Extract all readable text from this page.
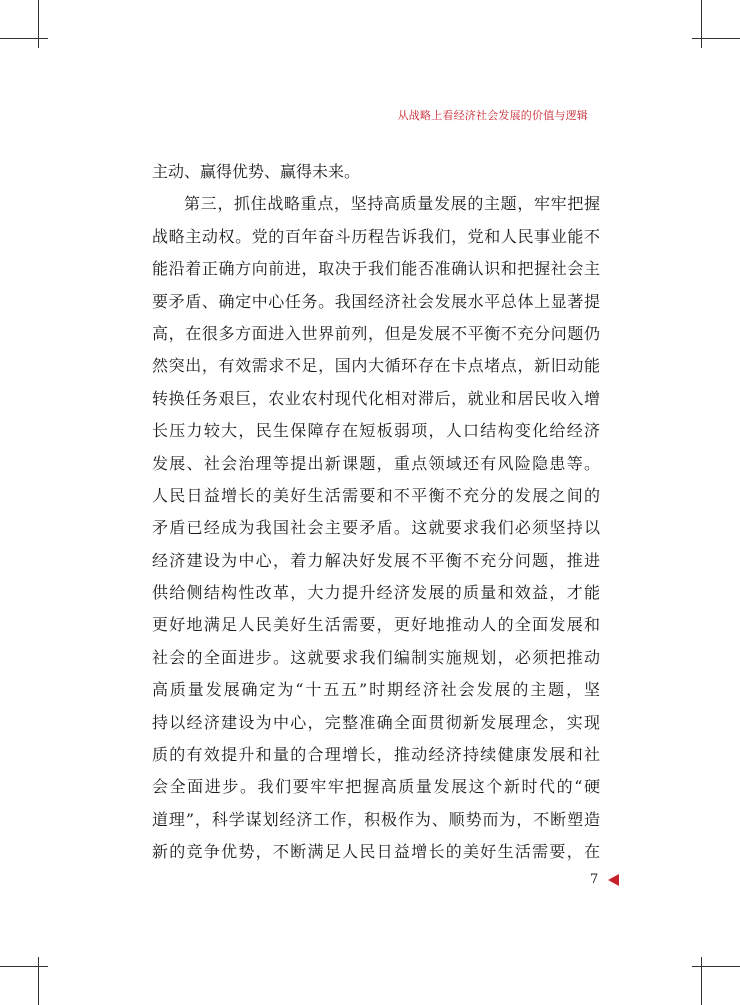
从战略上看经济社会发展的价值与逻辑
主动、赢得优势、赢得未来。
第三，抓住战略重点，坚持高质量发展的主题，牢牢把握
战略主动权。党的百年奋斗历程告诉我们，党和人民事业能不
能沿着正确方向前进，取决于我们能否准确认识和把握社会主
要矛盾、确定中心任务。我国经济社会发展水平总体上显著提
高，在很多方面进入世界前列，但是发展不平衡不充分问题仍
然突出，有效需求不足，国内大循环存在卡点堵点，新旧动能
转换任务艰巨，农业农村现代化相对滞后，就业和居民收入增
长压力较大，民生保障存在短板弱项，人口结构变化给经济
发展、社会治理等提出新课题，重点领域还有风险隐患等。
人民日益增长的美好生活需要和不平衡不充分的发展之间的
矛盾已经成为我国社会主要矛盾。这就要求我们必须坚持以
经济建设为中心，着力解决好发展不平衡不充分问题，推进
供给侧结构性改革，大力提升经济发展的质量和效益，才能
更好地满足人民美好生活需要，更好地推动人的全面发展和
社会的全面进步。这就要求我们编制实施规划，必须把推动
高质量发展确定为“十五五”时期经济社会发展的主题，坚
持以经济建设为中心，完整准确全面贯彻新发展理念，实现
质的有效提升和量的合理增长，推动经济持续健康发展和社
会全面进步。我们要牢牢把握高质量发展这个新时代的“硬
道理”，科学谋划经济工作，积极作为、顺势而为，不断塑造
新的竞争优势，不断满足人民日益增长的美好生活需要，在
7
